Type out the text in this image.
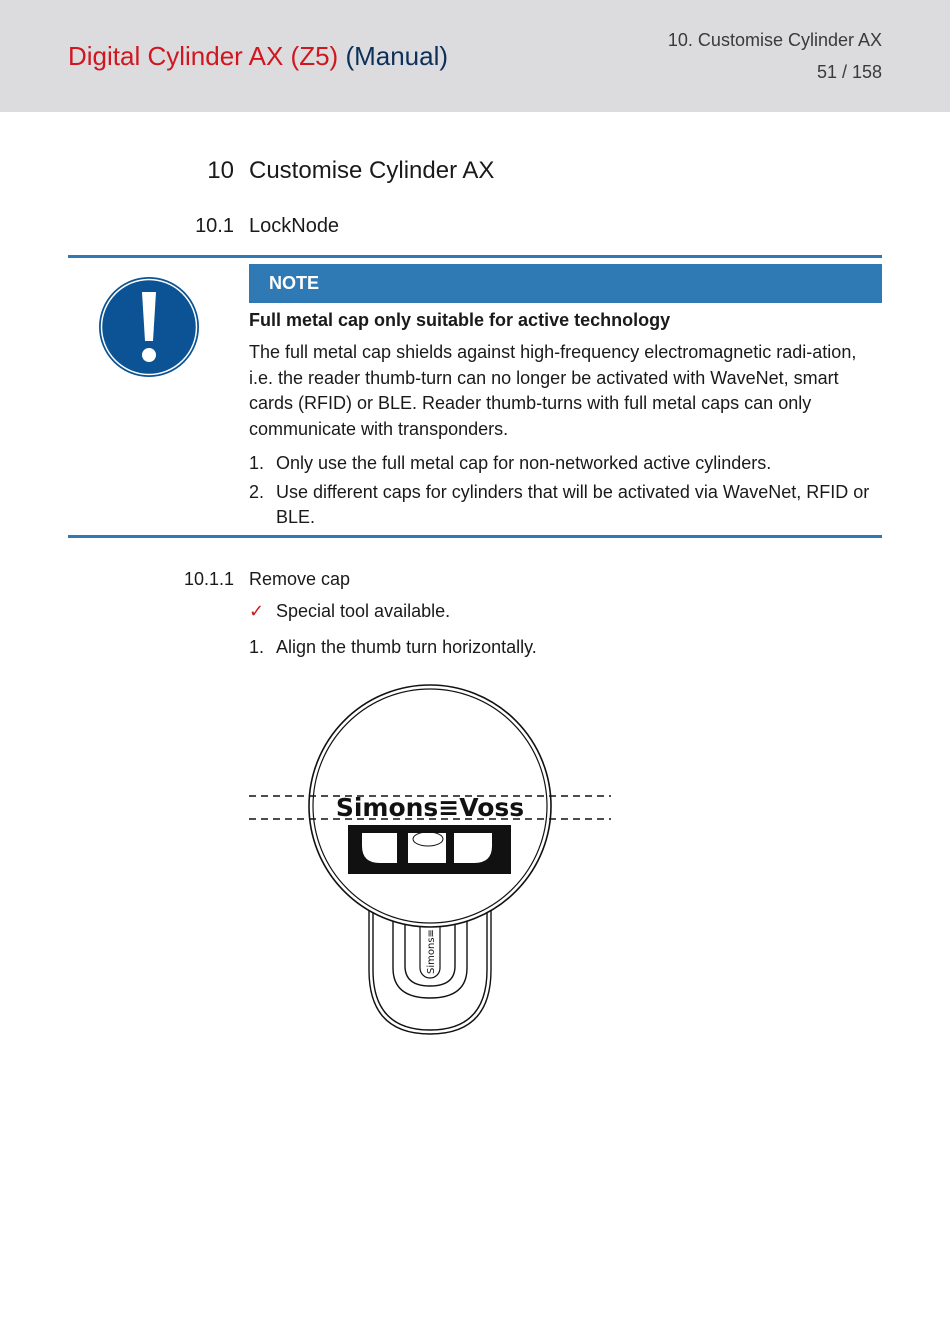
Digital Cylinder AX (Z5) (Manual)
10. Customise Cylinder AX
51 / 158
10 Customise Cylinder AX
10.1 LockNode
NOTE
Full metal cap only suitable for active technology

The full metal cap shields against high-frequency electromagnetic radi-ation, i.e. the reader thumb-turn can no longer be activated with WaveNet, smart cards (RFID) or BLE. Reader thumb-turns with full metal caps can only communicate with transponders.

1. Only use the full metal cap for non-networked active cylinders.
2. Use different caps for cylinders that will be activated via WaveNet, RFID or BLE.
10.1.1 Remove cap
✓ Special tool available.
1. Align the thumb turn horizontally.
Simons≡
Simons≡Voss
